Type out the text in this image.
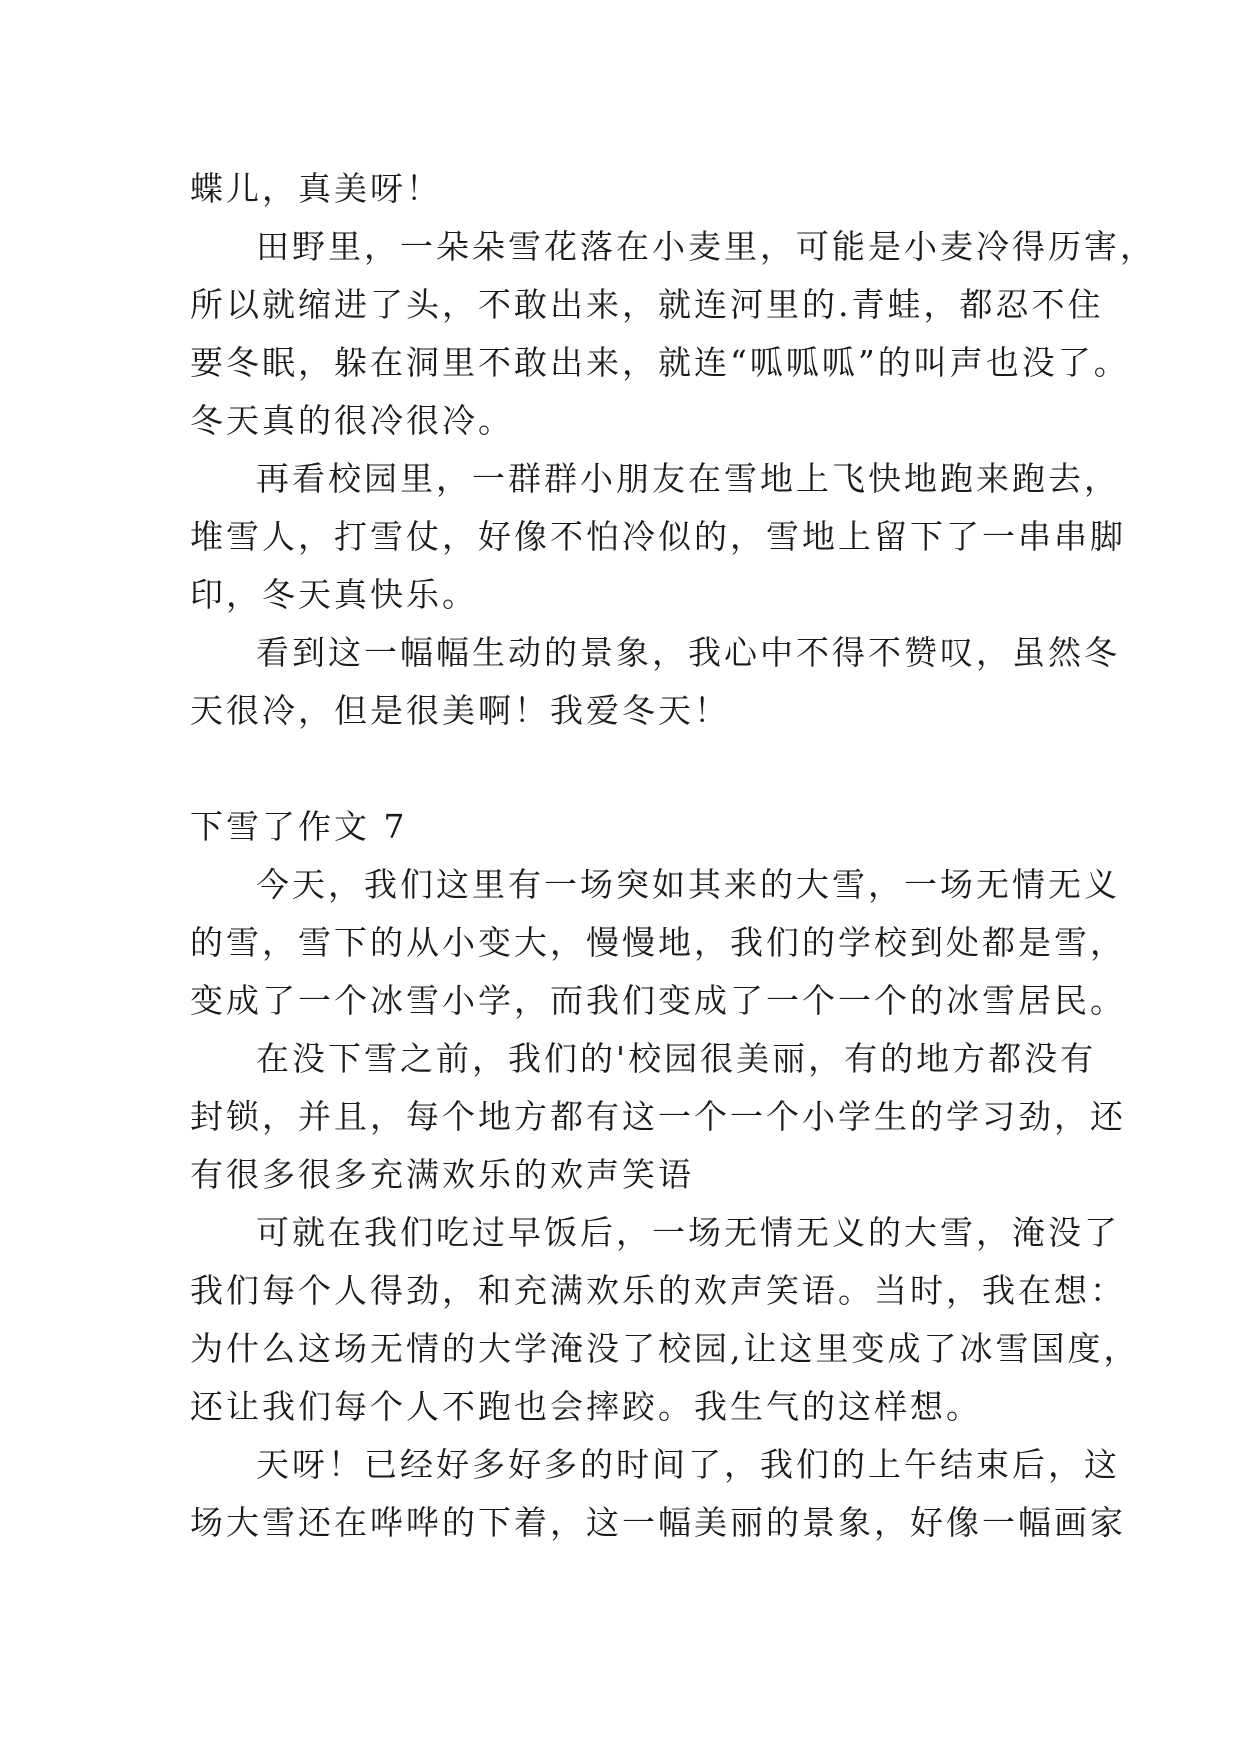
蝶儿，真美呀！
田野里，一朵朵雪花落在小麦里，可能是小麦冷得历害，
所以就缩进了头，不敢出来，就连河里的.青蛙，都忍不住
要冬眠，躲在洞里不敢出来，就连“呱呱呱”的叫声也没了。
冬天真的很冷很冷。
再看校园里，一群群小朋友在雪地上飞快地跑来跑去，
堆雪人，打雪仗，好像不怕冷似的，雪地上留下了一串串脚
印，冬天真快乐。
看到这一幅幅生动的景象，我心中不得不赞叹，虽然冬
天很冷，但是很美啊！我爱冬天！
下雪了作文 7
今天，我们这里有一场突如其来的大雪，一场无情无义
的雪，雪下的从小变大，慢慢地，我们的学校到处都是雪，
变成了一个冰雪小学，而我们变成了一个一个的冰雪居民。
在没下雪之前，我们的'校园很美丽，有的地方都没有
封锁，并且，每个地方都有这一个一个小学生的学习劲，还
有很多很多充满欢乐的欢声笑语
可就在我们吃过早饭后，一场无情无义的大雪，淹没了
我们每个人得劲，和充满欢乐的欢声笑语。当时，我在想：
为什么这场无情的大学淹没了校园,让这里变成了冰雪国度，
还让我们每个人不跑也会摔跤。我生气的这样想。
天呀！已经好多好多的时间了，我们的上午结束后，这
场大雪还在哗哗的下着，这一幅美丽的景象，好像一幅画家
